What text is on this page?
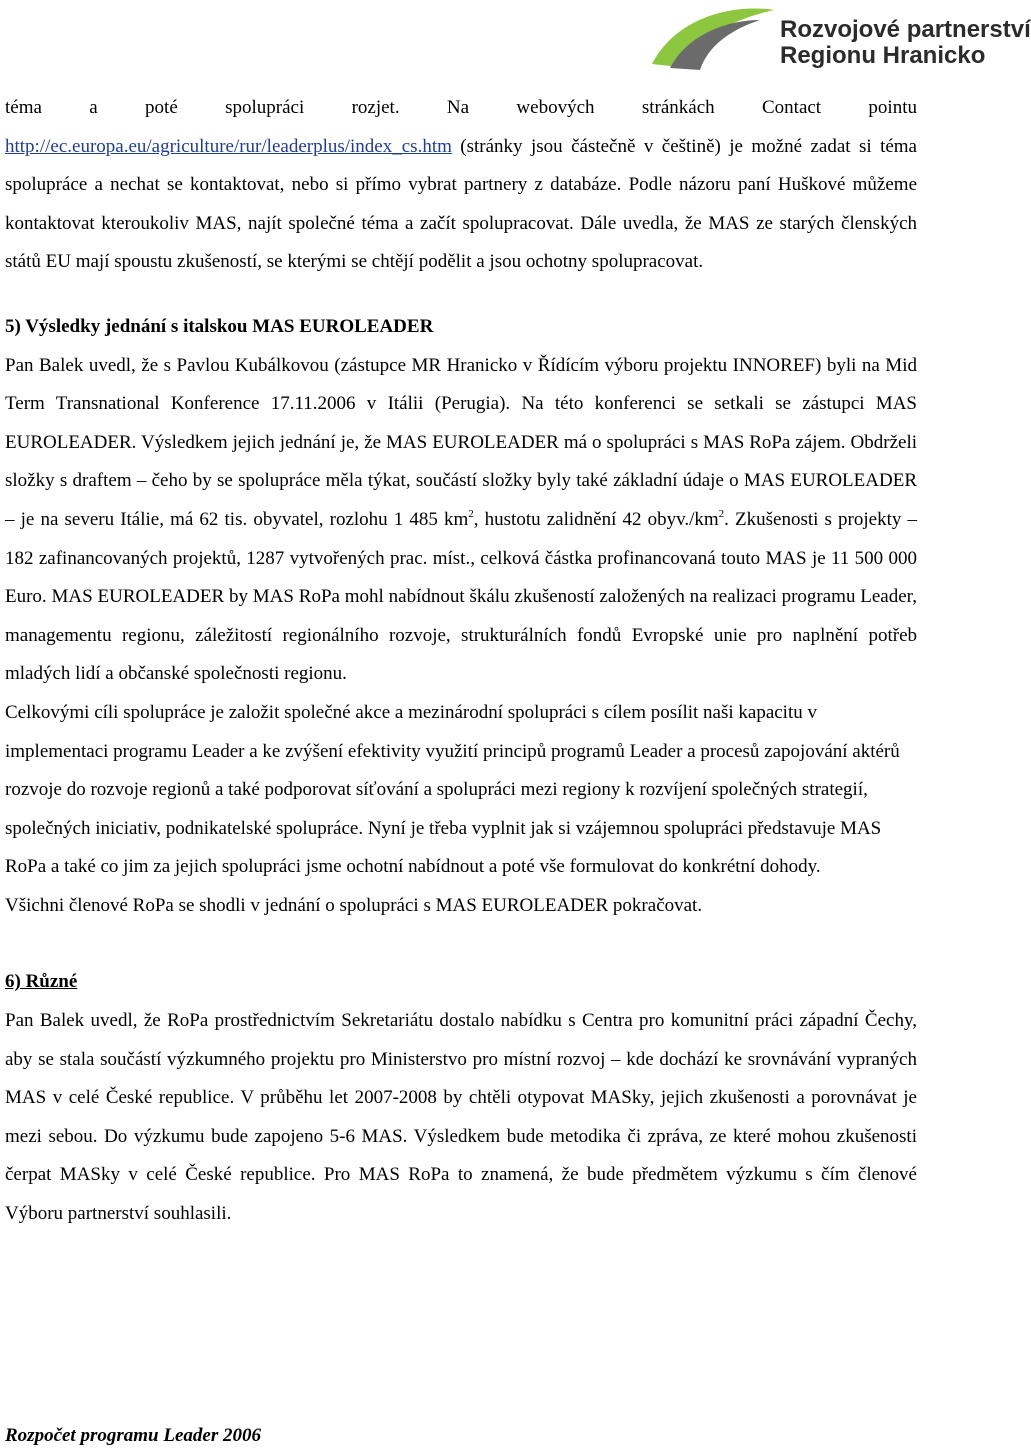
Rozvojové partnerství
Regionu Hranicko

téma a poté spolupráci rozjet. Na webových stránkách Contact pointu http://ec.europa.eu/agriculture/rur/leaderplus/index_cs.htm (stránky jsou částečně v češtině) je možné zadat si téma spolupráce a nechat se kontaktovat, nebo si přímo vybrat partnery z databáze. Podle názoru paní Huškové můžeme kontaktovat kteroukoliv MAS, najít společné téma a začít spolupracovat. Dále uvedla, že MAS ze starých členských států EU mají spoustu zkušeností, se kterými se chtějí podělit a jsou ochotny spolupracovat.

5) Výsledky jednání s italskou MAS EUROLEADER

Pan Balek uvedl, že s Pavlou Kubálkovou (zástupce MR Hranicko v Řídícím výboru projektu INNOREF) byli na Mid Term Transnational Konference 17.11.2006 v Itálii (Perugia). Na této konferenci se setkali se zástupci MAS EUROLEADER. Výsledkem jejich jednání je, že MAS EUROLEADER má o spolupráci s MAS RoPa zájem. Obdrželi složky s draftem – čeho by se spolupráce měla týkat, součástí složky byly také základní údaje o MAS EUROLEADER – je na severu Itálie, má 62 tis. obyvatel, rozlohu 1 485 $km^2$, hustotu zalidnění 42 $obyv./km^2$. Zkušenosti s projekty – 182 zafinancovaných projektů, 1287 vytvořených prac. míst., celková částka profinancovaná touto MAS je 11 500 000 Euro. MAS EUROLEADER by MAS RoPa mohl nabídnout škálu zkušeností založených na realizaci programu Leader, managementu regionu, záležitostí regionálního rozvoje, strukturálních fondů Evropské unie pro naplnění potřeb mladých lidí a občanské společnosti regionu.

Celkovými cíli spolupráce je založit společné akce a mezinárodní spolupráci s cílem posílit naši kapacitu v implementaci programu Leader a ke zvýšení efektivity využití principů programů Leader a procesů zapojování aktérů rozvoje do rozvoje regionů a také podporovat síťování a spolupráci mezi regiony k rozvíjení společných strategií, společných iniciativ, podnikatelské spolupráce. Nyní je třeba vyplnit jak si vzájemnou spolupráci představuje MAS RoPa a také co jim za jejich spolupráci jsme ochotní nabídnout a poté vše formulovat do konkrétní dohody.

Všichni členové RoPa se shodli v jednání o spolupráci s MAS EUROLEADER pokračovat.

6) Různé

Pan Balek uvedl, že RoPa prostřednictvím Sekretariátu dostalo nabídku s Centra pro komunitní práci západní Čechy, aby se stala součástí výzkumného projektu pro Ministerstvo pro místní rozvoj – kde dochází ke srovnávání vypraných MAS v celé České republice. V průběhu let 2007-2008 by chtěli otypovat MASky, jejich zkušenosti a porovnávat je mezi sebou. Do výzkumu bude zapojeno 5-6 MAS. Výsledkem bude metodika či zpráva, ze které mohou zkušenosti čerpat MASky v celé České republice. Pro MAS RoPa to znamená, že bude předmětem výzkumu s čím členové Výboru partnerství souhlasili.

Rozpočet programu Leader 2006
